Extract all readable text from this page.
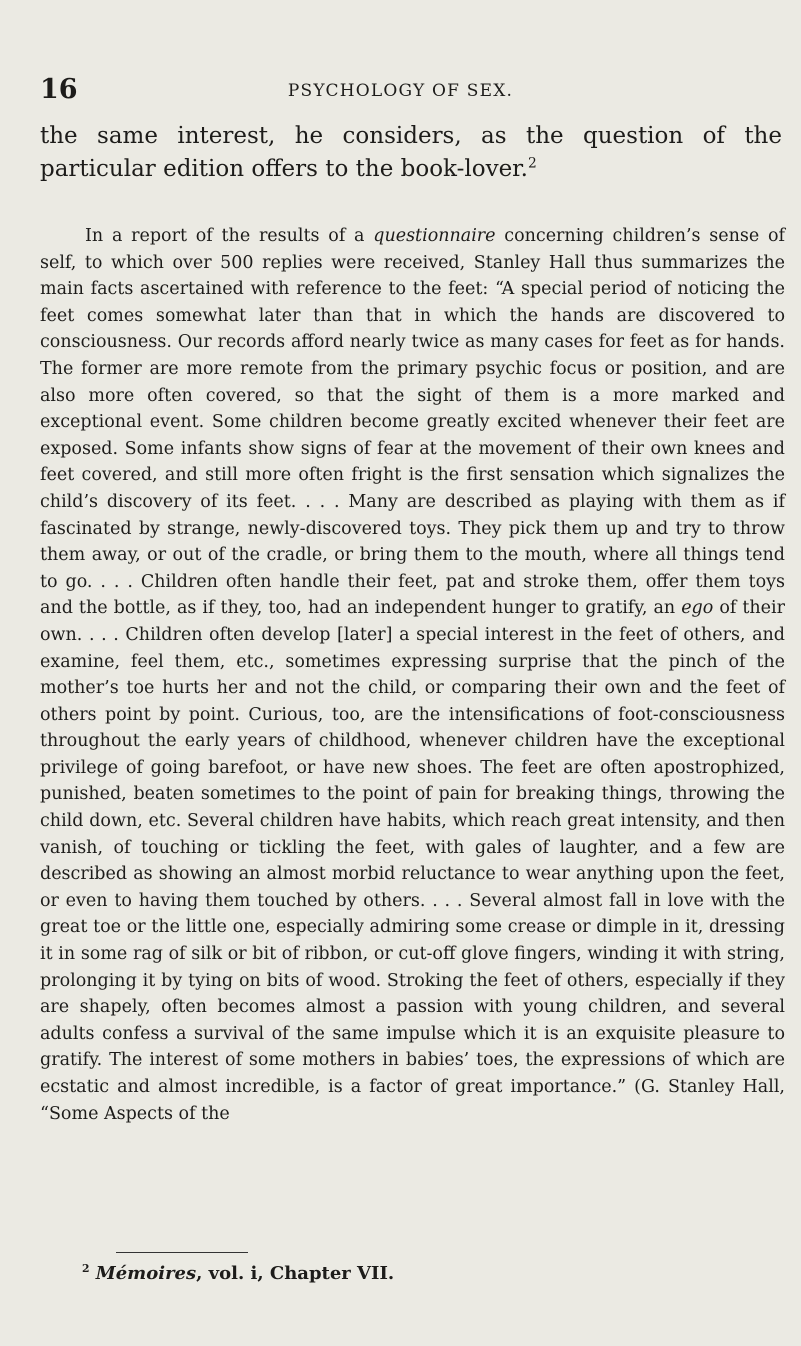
16	PSYCHOLOGY OF SEX.

the same interest, he considers, as the question of the particular edition offers to the book-lover.$^2$

In a report of the results of a questionnaire concerning children’s sense of self, to which over 500 replies were received, Stanley Hall thus summarizes the main facts ascertained with reference to the feet: “A special period of noticing the feet comes somewhat later than that in which the hands are discovered to consciousness. Our records afford nearly twice as many cases for feet as for hands. The former are more remote from the primary psychic focus or position, and are also more often covered, so that the sight of them is a more marked and exceptional event. Some children become greatly excited whenever their feet are exposed. Some infants show signs of fear at the movement of their own knees and feet covered, and still more often fright is the first sensation which signalizes the child’s discovery of its feet. . . . Many are described as playing with them as if fascinated by strange, newly-discovered toys. They pick them up and try to throw them away, or out of the cradle, or bring them to the mouth, where all things tend to go. . . . Children often handle their feet, pat and stroke them, offer them toys and the bottle, as if they, too, had an independent hunger to gratify, an ego of their own. . . . Children often develop [later] a special interest in the feet of others, and examine, feel them, etc., sometimes expressing surprise that the pinch of the mother’s toe hurts her and not the child, or comparing their own and the feet of others point by point. Curious, too, are the intensifications of foot-consciousness throughout the early years of childhood, whenever children have the exceptional privilege of going barefoot, or have new shoes. The feet are often apostrophized, punished, beaten sometimes to the point of pain for breaking things, throwing the child down, etc. Several children have habits, which reach great intensity, and then vanish, of touching or tickling the feet, with gales of laughter, and a few are described as showing an almost morbid reluctance to wear anything upon the feet, or even to having them touched by others. . . . Several almost fall in love with the great toe or the little one, especially admiring some crease or dimple in it, dressing it in some rag of silk or bit of ribbon, or cut-off glove fingers, winding it with string, prolonging it by tying on bits of wood. Stroking the feet of others, especially if they are shapely, often becomes almost a passion with young children, and several adults confess a survival of the same impulse which it is an exquisite pleasure to gratify. The interest of some mothers in babies’ toes, the expressions of which are ecstatic and almost incredible, is a factor of great importance.” (G. Stanley Hall, “Some Aspects of the

$^2$ Mémoires, vol. i, Chapter VII.
